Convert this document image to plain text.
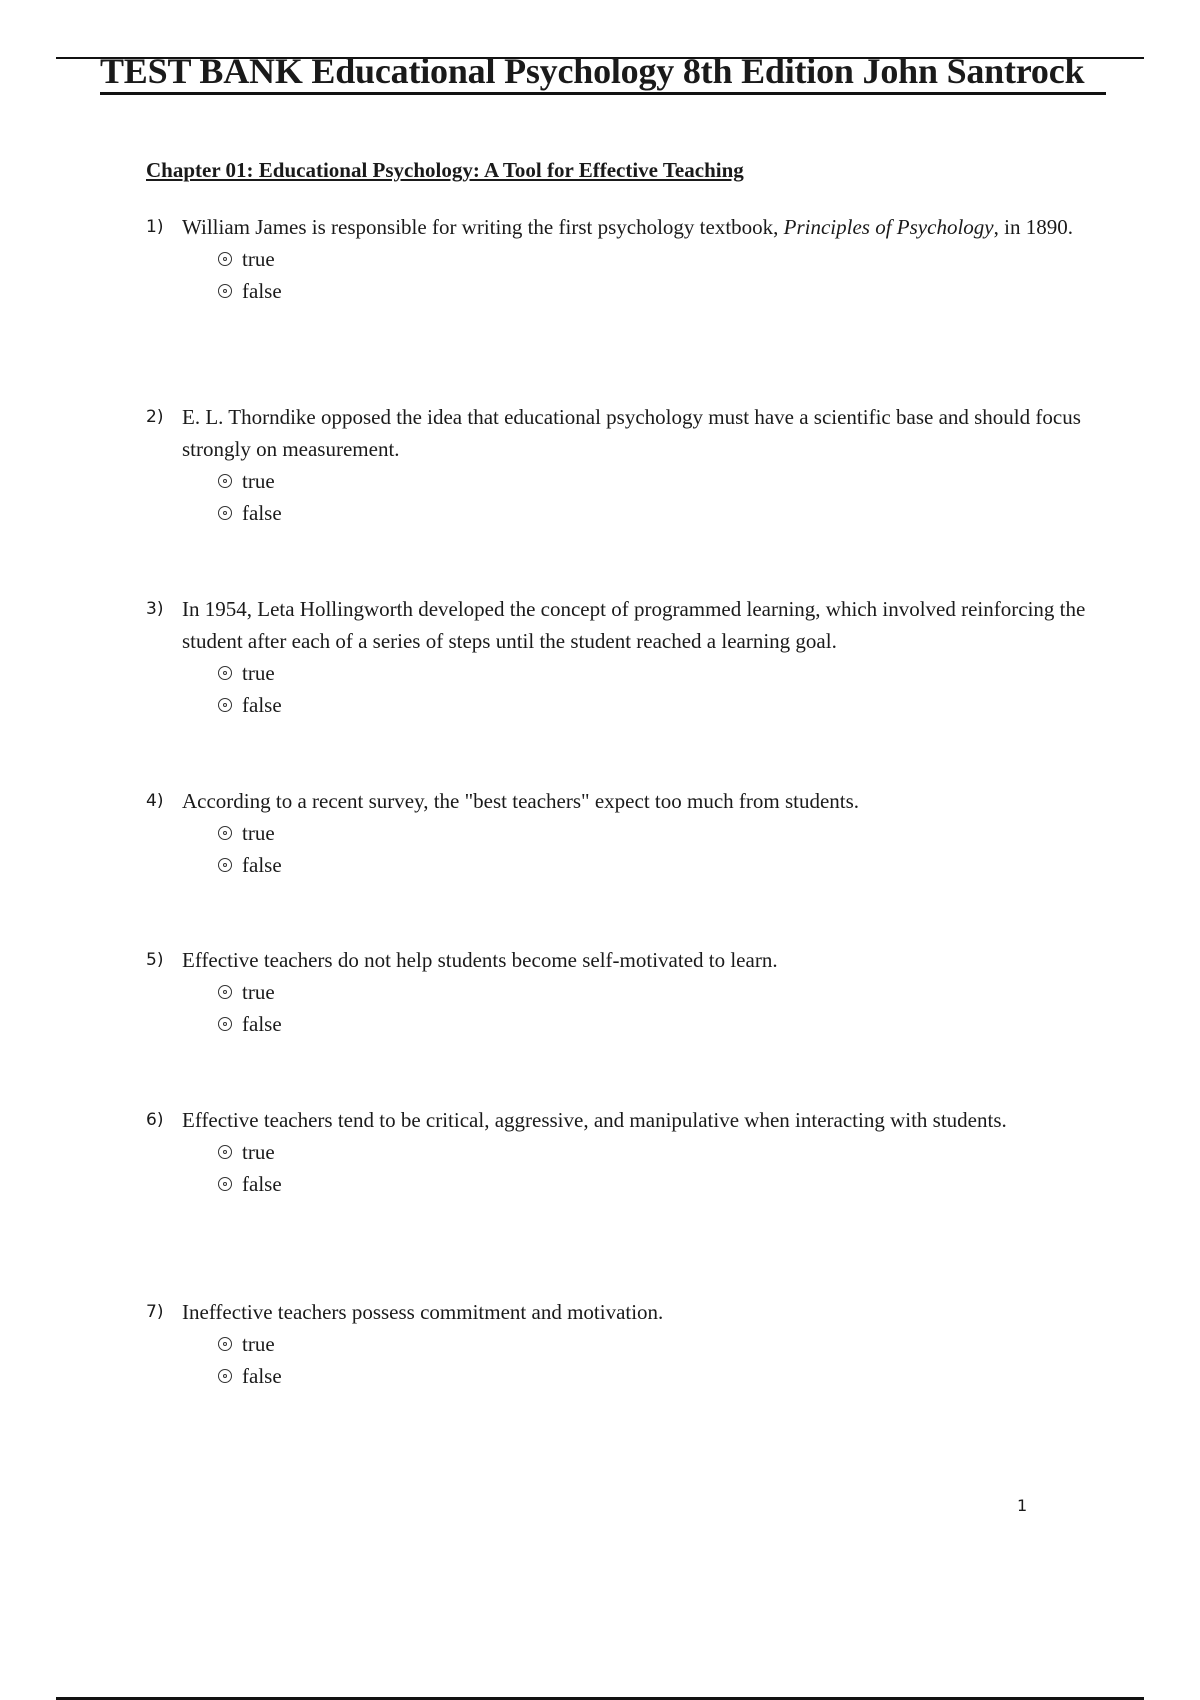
TEST BANK Educational Psychology 8th Edition John Santrock
Chapter 01: Educational Psychology: A Tool for Effective Teaching
1) William James is responsible for writing the first psychology textbook, Principles of Psychology, in 1890.
true
false
2) E. L. Thorndike opposed the idea that educational psychology must have a scientific base and should focus strongly on measurement.
true
false
3) In 1954, Leta Hollingworth developed the concept of programmed learning, which involved reinforcing the student after each of a series of steps until the student reached a learning goal.
true
false
4) According to a recent survey, the "best teachers" expect too much from students.
true
false
5) Effective teachers do not help students become self-motivated to learn.
true
false
6) Effective teachers tend to be critical, aggressive, and manipulative when interacting with students.
true
false
7) Ineffective teachers possess commitment and motivation.
true
false
1
